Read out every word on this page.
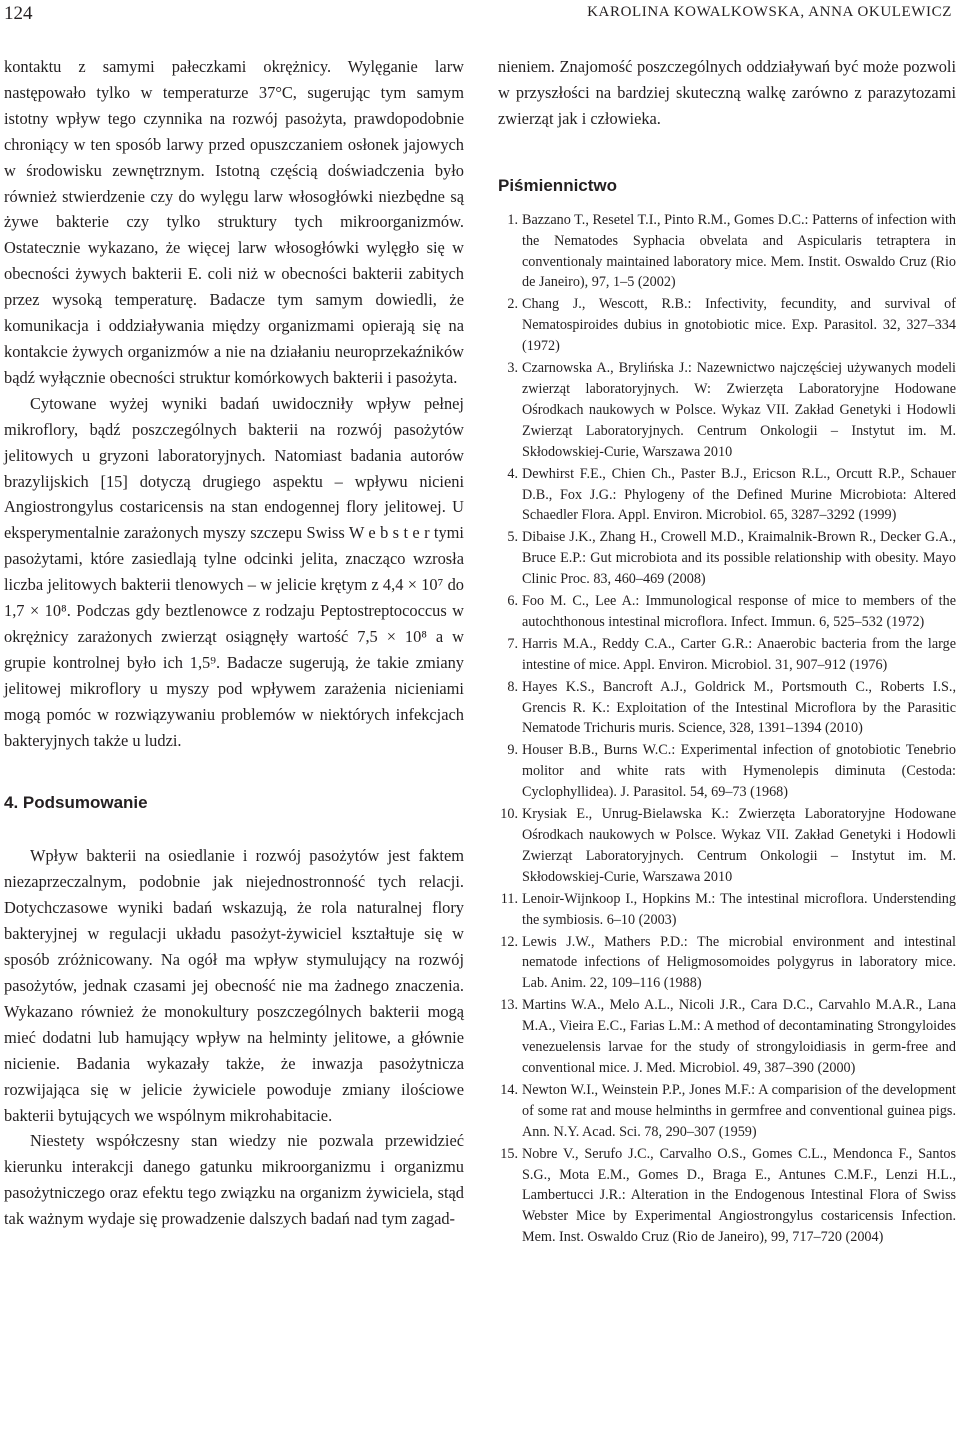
124	KAROLINA KOWALKOWSKA, ANNA OKULEWICZ

kontaktu z samymi pałeczkami okrężnicy. Wylęganie larw następowało tylko w temperaturze 37°C, sugerując tym samym istotny wpływ tego czynnika na rozwój pasożyta, prawdopodobnie chroniący w ten sposób larwy przed opuszczaniem osłonek jajowych w środowisku zewnętrznym. Istotną częścią doświadczenia było również stwierdzenie czy do wylęgu larw włosogłówki niezbędne są żywe bakterie czy tylko struktury tych mikroorganizmów. Ostatecznie wykazano, że więcej larw włosogłówki wylęgło się w obecności żywych bakterii E. coli niż w obecności bakterii zabitych przez wysoką temperaturę. Badacze tym samym dowiedli, że komunikacja i oddziaływania między organizmami opierają się na kontakcie żywych organizmów a nie na działaniu neuroprzekaźników bądź wyłącznie obecności struktur komórkowych bakterii i pasożyta.

Cytowane wyżej wyniki badań uwidoczniły wpływ pełnej mikroflory, bądź poszczególnych bakterii na rozwój pasożytów jelitowych u gryzoni laboratoryjnych. Natomiast badania autorów brazylijskich [15] dotyczą drugiego aspektu – wpływu nicieni Angiostrongylus costaricensis na stan endogennej flory jelitowej. U eksperymentalnie zarażonych myszy szczepu Swiss W e b s t e r tymi pasożytami, które zasiedlają tylne odcinki jelita, znacząco wzrosła liczba jelitowych bakterii tlenowych – w jelicie krętym z 4,4 × 10⁷ do 1,7 × 10⁸. Podczas gdy beztlenowce z rodzaju Peptostreptococcus w okrężnicy zarażonych zwierząt osiągnęły wartość 7,5 × 10⁸ a w grupie kontrolnej było ich 1,5⁹. Badacze sugerują, że takie zmiany jelitowej mikroflory u myszy pod wpływem zarażenia nicieniami mogą pomóc w rozwiązywaniu problemów w niektórych infekcjach bakteryjnych także u ludzi.

4. Podsumowanie

Wpływ bakterii na osiedlanie i rozwój pasożytów jest faktem niezaprzeczalnym, podobnie jak niejednostronność tych relacji. Dotychczasowe wyniki badań wskazują, że rola naturalnej flory bakteryjnej w regulacji układu pasożyt-żywiciel kształtuje się w sposób zróżnicowany. Na ogół ma wpływ stymulujący na rozwój pasożytów, jednak czasami jej obecność nie ma żadnego znaczenia. Wykazano również że monokultury poszczególnych bakterii mogą mieć dodatni lub hamujący wpływ na helminty jelitowe, a głównie nicienie. Badania wykazały także, że inwazja pasożytnicza rozwijająca się w jelicie żywiciele powoduje zmiany ilościowe bakterii bytujących we wspólnym mikrohabitacie.

Niestety współczesny stan wiedzy nie pozwala przewidzieć kierunku interakcji danego gatunku mikroorganizmu i organizmu pasożytniczego oraz efektu tego związku na organizm żywiciela, stąd tak ważnym wydaje się prowadzenie dalszych badań nad tym zagad-

nieniem. Znajomość poszczególnych oddziaływań być może pozwoli w przyszłości na bardziej skuteczną walkę zarówno z parazytozami zwierząt jak i człowieka.

Piśmiennictwo
1. Bazzano T., Resetel T.I., Pinto R.M., Gomes D.C.: Patterns of infection with the Nematodes Syphacia obvelata and Aspicularis tetraptera in conventionaly maintained laboratory mice. Mem. Instit. Oswaldo Cruz (Rio de Janeiro), 97, 1–5 (2002)
2. Chang J., Wescott, R.B.: Infectivity, fecundity, and survival of Nematospiroides dubius in gnotobiotic mice. Exp. Parasitol. 32, 327–334 (1972)
3. Czarnowska A., Brylińska J.: Nazewnictwo najczęściej używanych modeli zwierząt laboratoryjnych. W: Zwierzęta Laboratoryjne Hodowane Ośrodkach naukowych w Polsce. Wykaz VII. Zakład Genetyki i Hodowli Zwierząt Laboratoryjnych. Centrum Onkologii – Instytut im. M. Skłodowskiej-Curie, Warszawa 2010
4. Dewhirst F.E., Chien Ch., Paster B.J., Ericson R.L., Orcutt R.P., Schauer D.B., Fox J.G.: Phylogeny of the Defined Murine Microbiota: Altered Schaedler Flora. Appl. Environ. Microbiol. 65, 3287–3292 (1999)
5. Dibaise J.K., Zhang H., Crowell M.D., Kraimalnik-Brown R., Decker G.A., Bruce E.P.: Gut microbiota and its possible relationship with obesity. Mayo Clinic Proc. 83, 460–469 (2008)
6. Foo M. C., Lee A.: Immunological response of mice to members of the autochthonous intestinal microflora. Infect. Immun. 6, 525–532 (1972)
7. Harris M.A., Reddy C.A., Carter G.R.: Anaerobic bacteria from the large intestine of mice. Appl. Environ. Microbiol. 31, 907–912 (1976)
8. Hayes K.S., Bancroft A.J., Goldrick M., Portsmouth C., Roberts I.S., Grencis R. K.: Exploitation of the Intestinal Microflora by the Parasitic Nematode Trichuris muris. Science, 328, 1391–1394 (2010)
9. Houser B.B., Burns W.C.: Experimental infection of gnotobiotic Tenebrio molitor and white rats with Hymenolepis diminuta (Cestoda: Cyclophyllidea). J. Parasitol. 54, 69–73 (1968)
10. Krysiak E., Unrug-Bielawska K.: Zwierzęta Laboratoryjne Hodowane Ośrodkach naukowych w Polsce. Wykaz VII. Zakład Genetyki i Hodowli Zwierząt Laboratoryjnych. Centrum Onkologii – Instytut im. M. Skłodowskiej-Curie, Warszawa 2010
11. Lenoir-Wijnkoop I., Hopkins M.: The intestinal microflora. Understending the symbiosis. 6–10 (2003)
12. Lewis J.W., Mathers P.D.: The microbial environment and intestinal nematode infections of Heligmosomoides polygyrus in laboratory mice. Lab. Anim. 22, 109–116 (1988)
13. Martins W.A., Melo A.L., Nicoli J.R., Cara D.C., Carvahlo M.A.R., Lana M.A., Vieira E.C., Farias L.M.: A method of decontaminating Strongyloides venezuelensis larvae for the study of strongyloidiasis in germ-free and conventional mice. J. Med. Microbiol. 49, 387–390 (2000)
14. Newton W.I., Weinstein P.P., Jones M.F.: A comparision of the development of some rat and mouse helminths in germfree and conventional guinea pigs. Ann. N.Y. Acad. Sci. 78, 290–307 (1959)
15. Nobre V., Serufo J.C., Carvalho O.S., Gomes C.L., Mendonca F., Santos S.G., Mota E.M., Gomes D., Braga E., Antunes C.M.F., Lenzi H.L., Lambertucci J.R.: Alteration in the Endogenous Intestinal Flora of Swiss Webster Mice by Experimental Angiostrongylus costaricensis Infection. Mem. Inst. Oswaldo Cruz (Rio de Janeiro), 99, 717–720 (2004)
